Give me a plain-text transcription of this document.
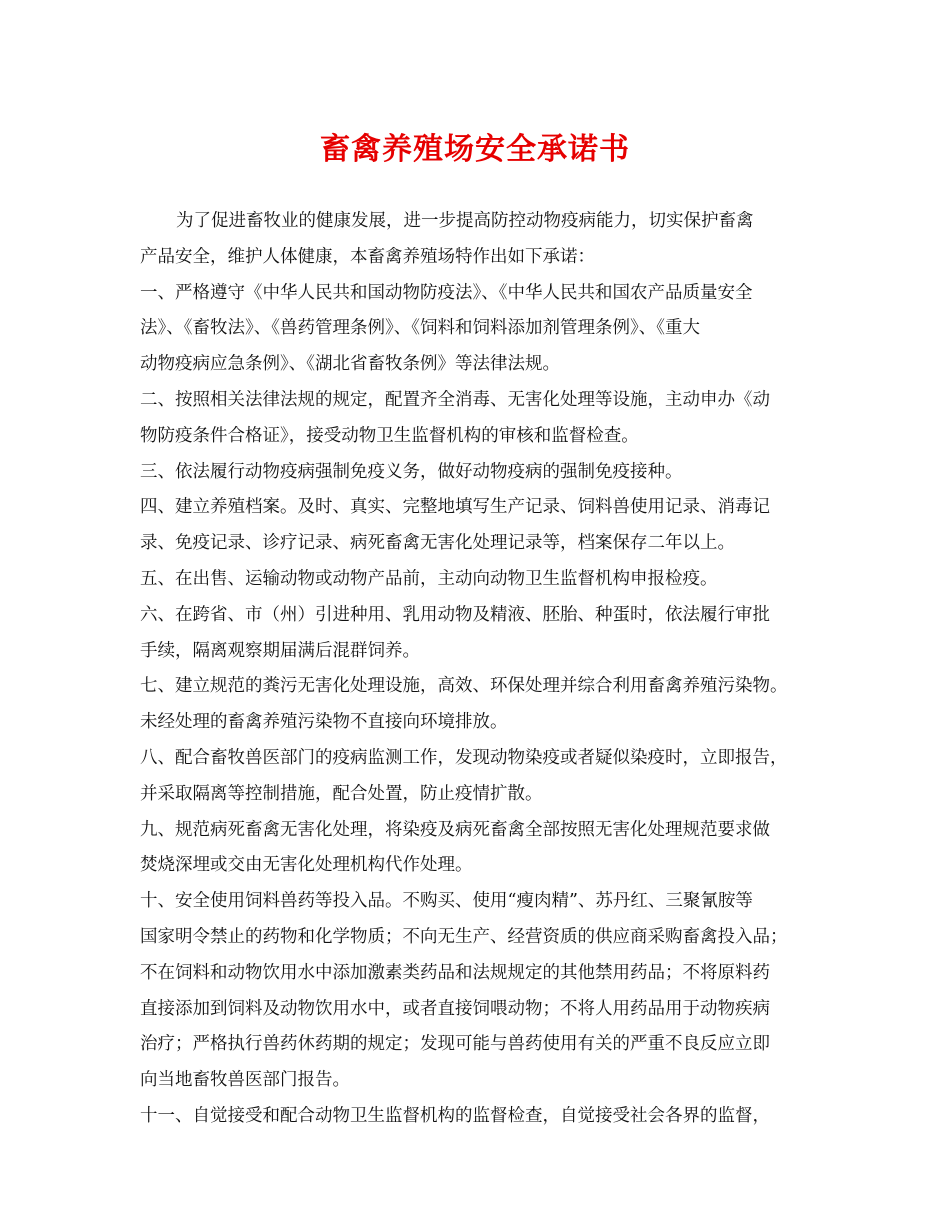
畜禽养殖场安全承诺书
为了促进畜牧业的健康发展，进一步提高防控动物疫病能力，切实保护畜禽
产品安全，维护人体健康，本畜禽养殖场特作出如下承诺：
一、严格遵守《中华人民共和国动物防疫法》、《中华人民共和国农产品质量安全
法》、《畜牧法》、《兽药管理条例》、《饲料和饲料添加剂管理条例》、《重大
动物疫病应急条例》、《湖北省畜牧条例》等法律法规。
二、按照相关法律法规的规定，配置齐全消毒、无害化处理等设施，主动申办《动
物防疫条件合格证》，接受动物卫生监督机构的审核和监督检查。
三、依法履行动物疫病强制免疫义务，做好动物疫病的强制免疫接种。
四、建立养殖档案。及时、真实、完整地填写生产记录、饲料兽使用记录、消毒记
录、免疫记录、诊疗记录、病死畜禽无害化处理记录等，档案保存二年以上。
五、在出售、运输动物或动物产品前，主动向动物卫生监督机构申报检疫。
六、在跨省、市（州）引进种用、乳用动物及精液、胚胎、种蛋时，依法履行审批
手续，隔离观察期届满后混群饲养。
七、建立规范的粪污无害化处理设施，高效、环保处理并综合利用畜禽养殖污染物。
未经处理的畜禽养殖污染物不直接向环境排放。
八、配合畜牧兽医部门的疫病监测工作，发现动物染疫或者疑似染疫时，立即报告，
并采取隔离等控制措施，配合处置，防止疫情扩散。
九、规范病死畜禽无害化处理，将染疫及病死畜禽全部按照无害化处理规范要求做
焚烧深埋或交由无害化处理机构代作处理。
十、安全使用饲料兽药等投入品。不购买、使用“瘦肉精”、苏丹红、三聚氰胺等
国家明令禁止的药物和化学物质；不向无生产、经营资质的供应商采购畜禽投入品；
不在饲料和动物饮用水中添加激素类药品和法规规定的其他禁用药品；不将原料药
直接添加到饲料及动物饮用水中，或者直接饲喂动物；不将人用药品用于动物疾病
治疗；严格执行兽药休药期的规定；发现可能与兽药使用有关的严重不良反应立即
向当地畜牧兽医部门报告。
十一、自觉接受和配合动物卫生监督机构的监督检查，自觉接受社会各界的监督，
